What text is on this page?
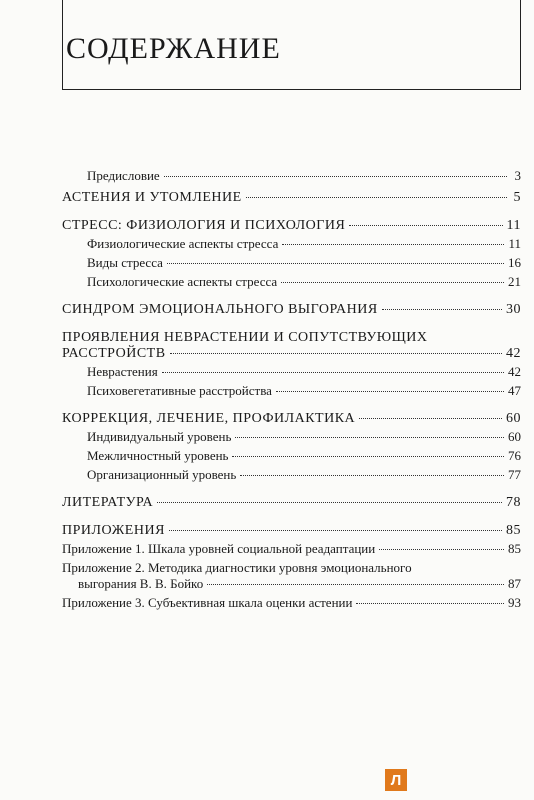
СОДЕРЖАНИЕ
Предисловие	3
АСТЕНИЯ И УТОМЛЕНИЕ	5
СТРЕСС: ФИЗИОЛОГИЯ И ПСИХОЛОГИЯ	11
Физиологические аспекты стресса	11
Виды стресса	16
Психологические аспекты стресса	21
СИНДРОМ ЭМОЦИОНАЛЬНОГО ВЫГОРАНИЯ	30
ПРОЯВЛЕНИЯ НЕВРАСТЕНИИ И СОПУТСТВУЮЩИХ
РАССТРОЙСТВ	42
Неврастения	42
Психовегетативные расстройства	47
КОРРЕКЦИЯ, ЛЕЧЕНИЕ, ПРОФИЛАКТИКА	60
Индивидуальный уровень	60
Межличностный уровень	76
Организационный уровень	77
ЛИТЕРАТУРА	78
ПРИЛОЖЕНИЯ	85
Приложение 1. Шкала уровней социальной реадаптации	85
Приложение 2. Методика диагностики уровня эмоционального
выгорания В. В. Бойко	87
Приложение 3. Субъективная шкала оценки астении	93
Л
